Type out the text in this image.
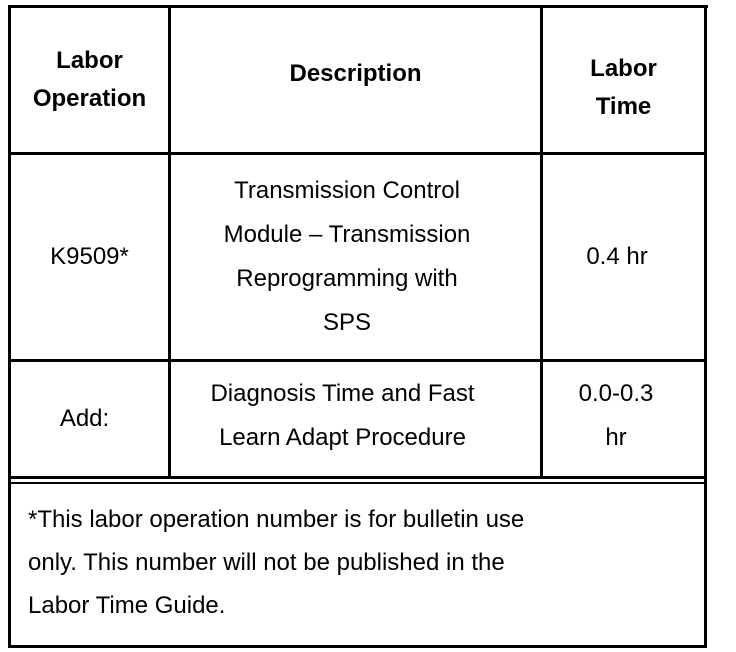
Labor
Operation
Description	Labor
Time
K9509*
Transmission Control
Module – Transmission
Reprogramming with
SPS
0.4 hr
Add:
Diagnosis Time and Fast
Learn Adapt Procedure
0.0-0.3
hr
*This labor operation number is for bulletin use
only. This number will not be published in the
Labor Time Guide.
